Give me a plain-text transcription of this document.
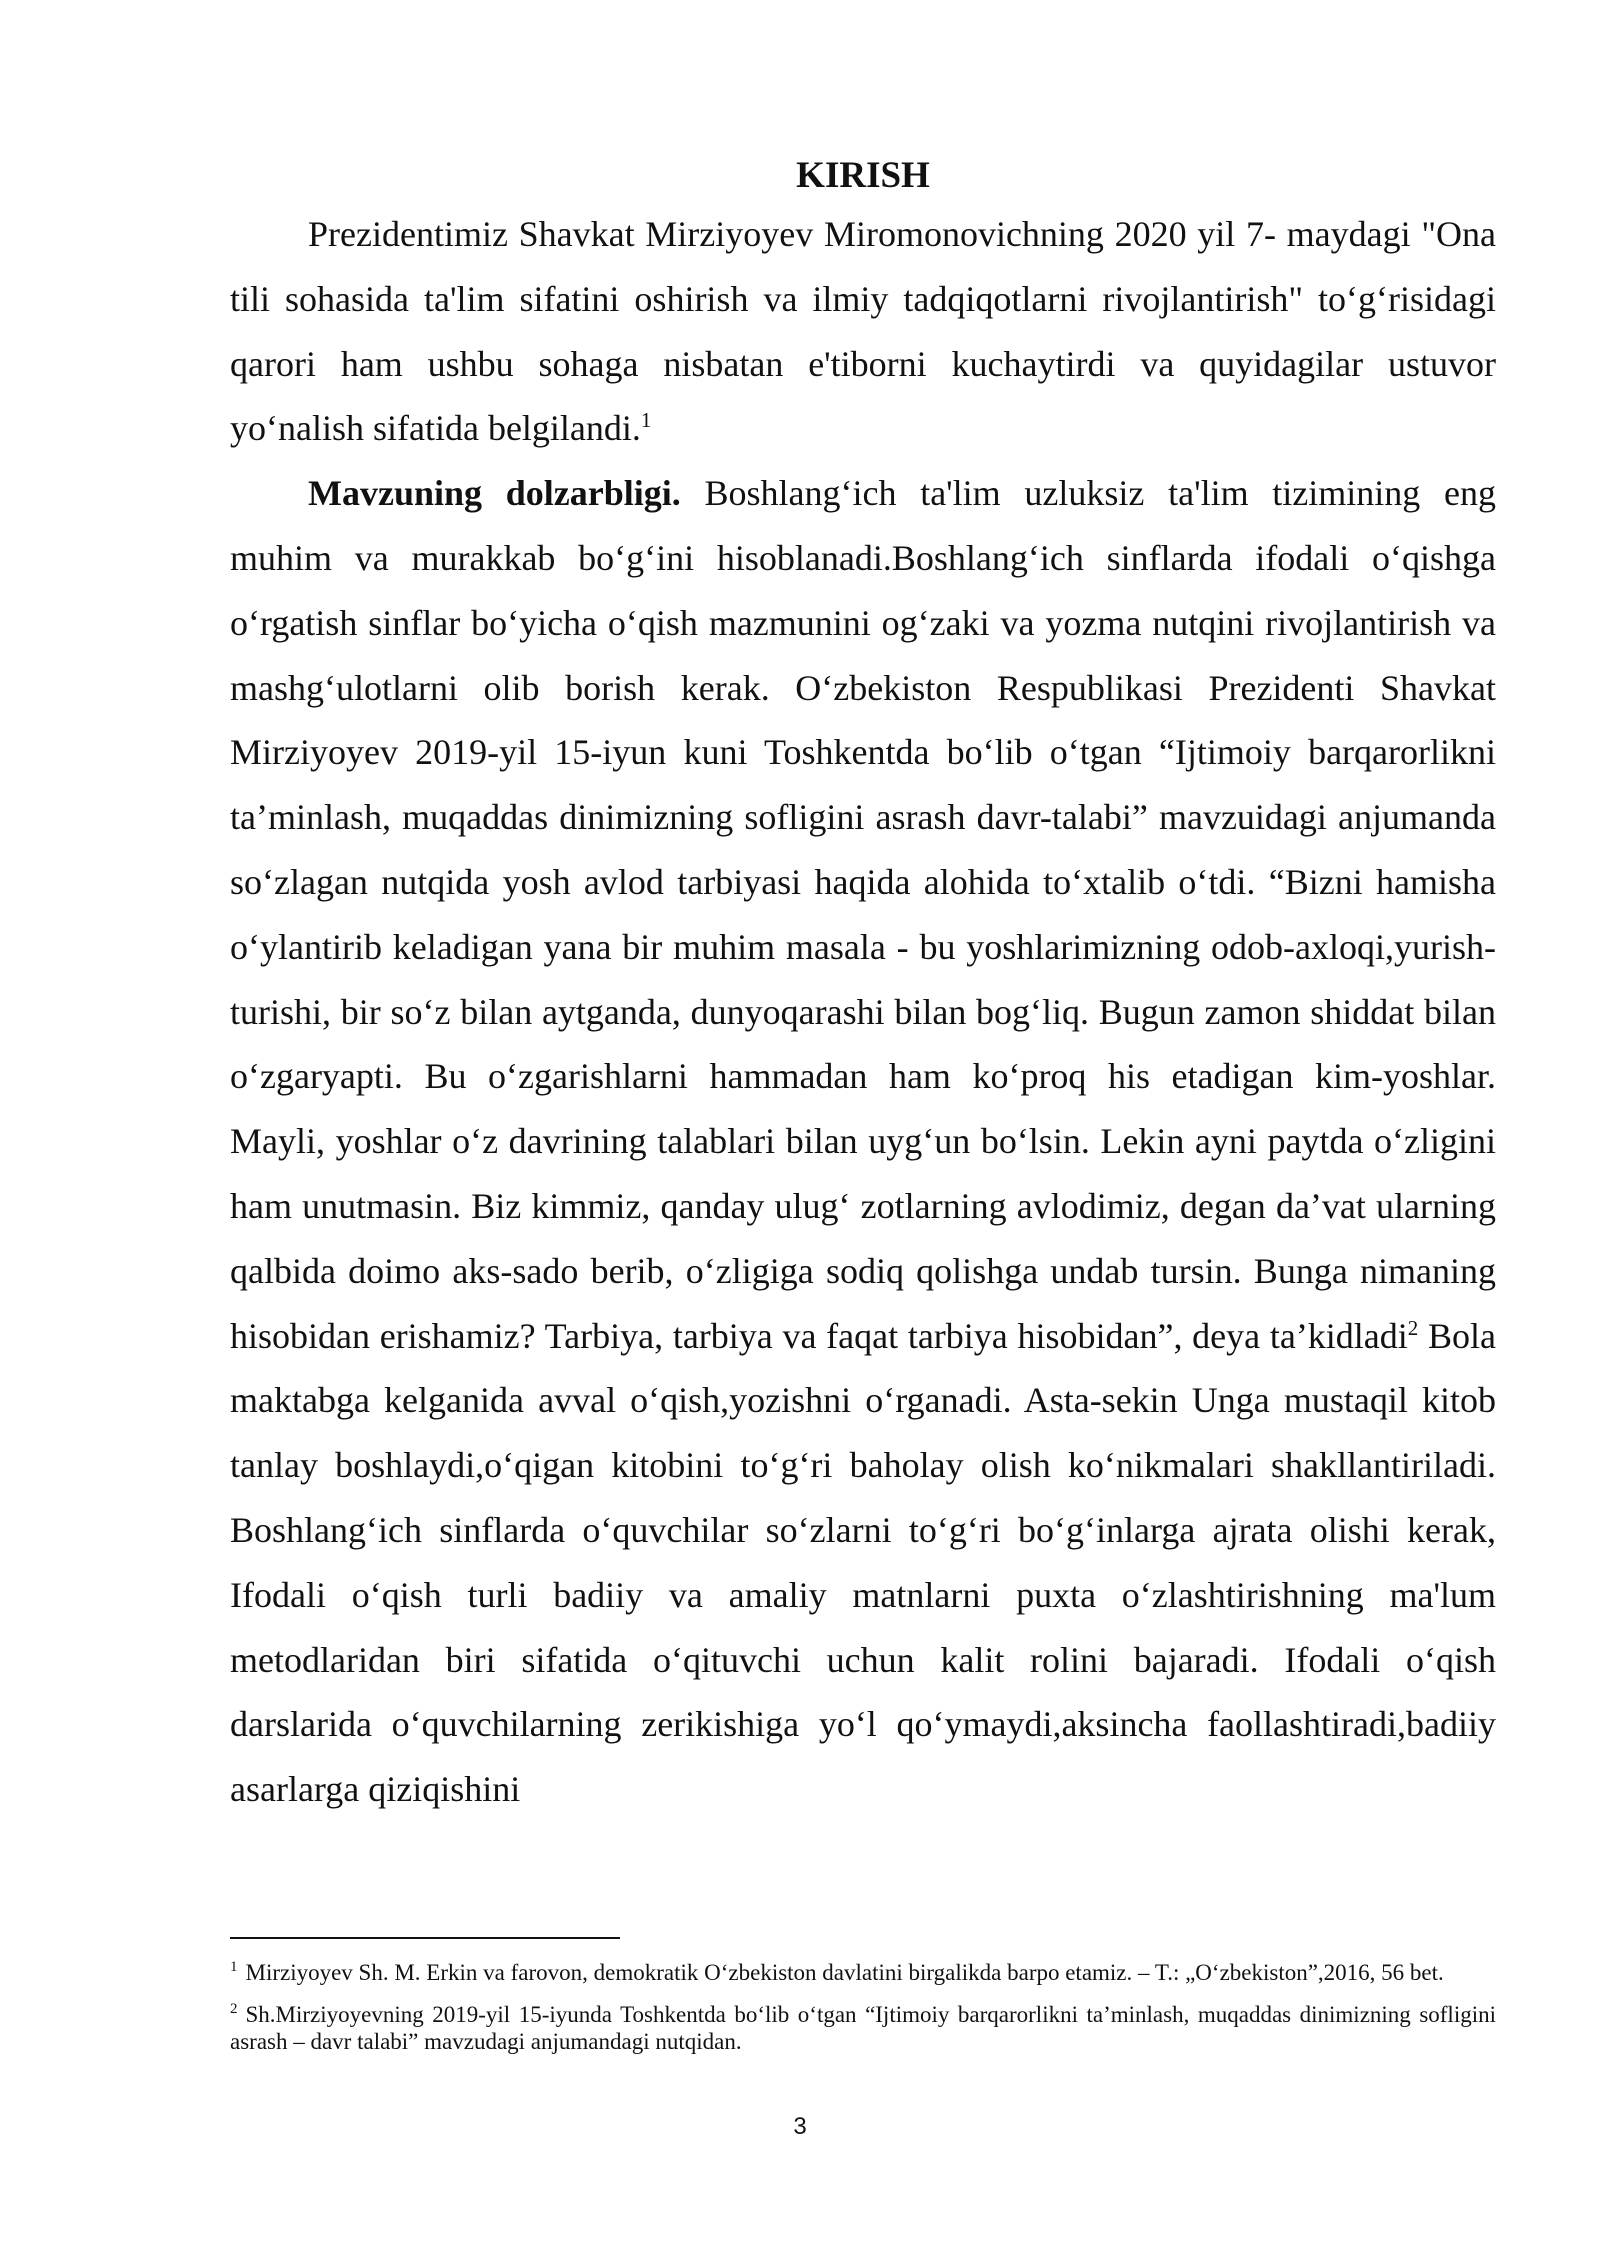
KIRISH

Prezidentimiz Shavkat Mirziyoyev Miromonovichning 2020 yil 7- maydagi "Ona tili sohasida ta'lim sifatini oshirish va ilmiy tadqiqotlarni rivojlantirish" to‘g‘risidagi qarori ham ushbu sohaga nisbatan e'tiborni kuchaytirdi va quyidagilar ustuvor yo‘nalish sifatida belgilandi.$^1$

Mavzuning dolzarbligi. Boshlang‘ich ta'lim uzluksiz ta'lim tizimining eng muhim va murakkab bo‘g‘ini hisoblanadi.Boshlang‘ich sinflarda ifodali o‘qishga o‘rgatish sinflar bo‘yicha o‘qish mazmunini og‘zaki va yozma nutqini rivojlantirish va mashg‘ulotlarni olib borish kerak. O‘zbekiston Respublikasi Prezidenti Shavkat Mirziyoyev 2019-yil 15-iyun kuni Toshkentda bo‘lib o‘tgan “Ijtimoiy barqarorlikni ta’minlash, muqaddas dinimizning sofligini asrash davr-talabi” mavzuidagi anjumanda so‘zlagan nutqida yosh avlod tarbiyasi haqida alohida to‘xtalib o‘tdi. “Bizni hamisha o‘ylantirib keladigan yana bir muhim masala - bu yoshlarimizning odob-axloqi,yurish-turishi, bir so‘z bilan aytganda, dunyoqarashi bilan bog‘liq. Bugun zamon shiddat bilan o‘zgaryapti. Bu o‘zgarishlarni hammadan ham ko‘proq his etadigan kim-yoshlar. Mayli, yoshlar o‘z davrining talablari bilan uyg‘un bo‘lsin. Lekin ayni paytda o‘zligini ham unutmasin. Biz kimmiz, qanday ulug‘ zotlarning avlodimiz, degan da’vat ularning qalbida doimo aks-sado berib, o‘zligiga sodiq qolishga undab tursin. Bunga nimaning hisobidan erishamiz? Tarbiya, tarbiya va faqat tarbiya hisobidan”, deya ta’kidladi$^2$ Bola maktabga kelganida avval o‘qish,yozishni o‘rganadi. Asta-sekin Unga mustaqil kitob tanlay boshlaydi,o‘qigan kitobini to‘g‘ri baholay olish ko‘nikmalari shakllantiriladi. Boshlang‘ich sinflarda o‘quvchilar so‘zlarni to‘g‘ri bo‘g‘inlarga ajrata olishi kerak, Ifodali o‘qish turli badiiy va amaliy matnlarni puxta o‘zlashtirishning ma'lum metodlaridan biri sifatida o‘qituvchi uchun kalit rolini bajaradi. Ifodali o‘qish darslarida o‘quvchilarning zerikishiga yo‘l qo‘ymaydi,aksincha faollashtiradi,badiiy asarlarga qiziqishini

$^1$ Mirziyoyev Sh. M. Erkin va farovon, demokratik O‘zbekiston davlatini birgalikda barpo etamiz. – T.: „O‘zbekiston”,2016, 56 bet.

$^2$ Sh.Mirziyoyevning 2019-yil 15-iyunda Toshkentda bo‘lib o‘tgan “Ijtimoiy barqarorlikni ta’minlash, muqaddas dinimizning sofligini asrash – davr talabi” mavzudagi anjumandagi nutqidan.

3
